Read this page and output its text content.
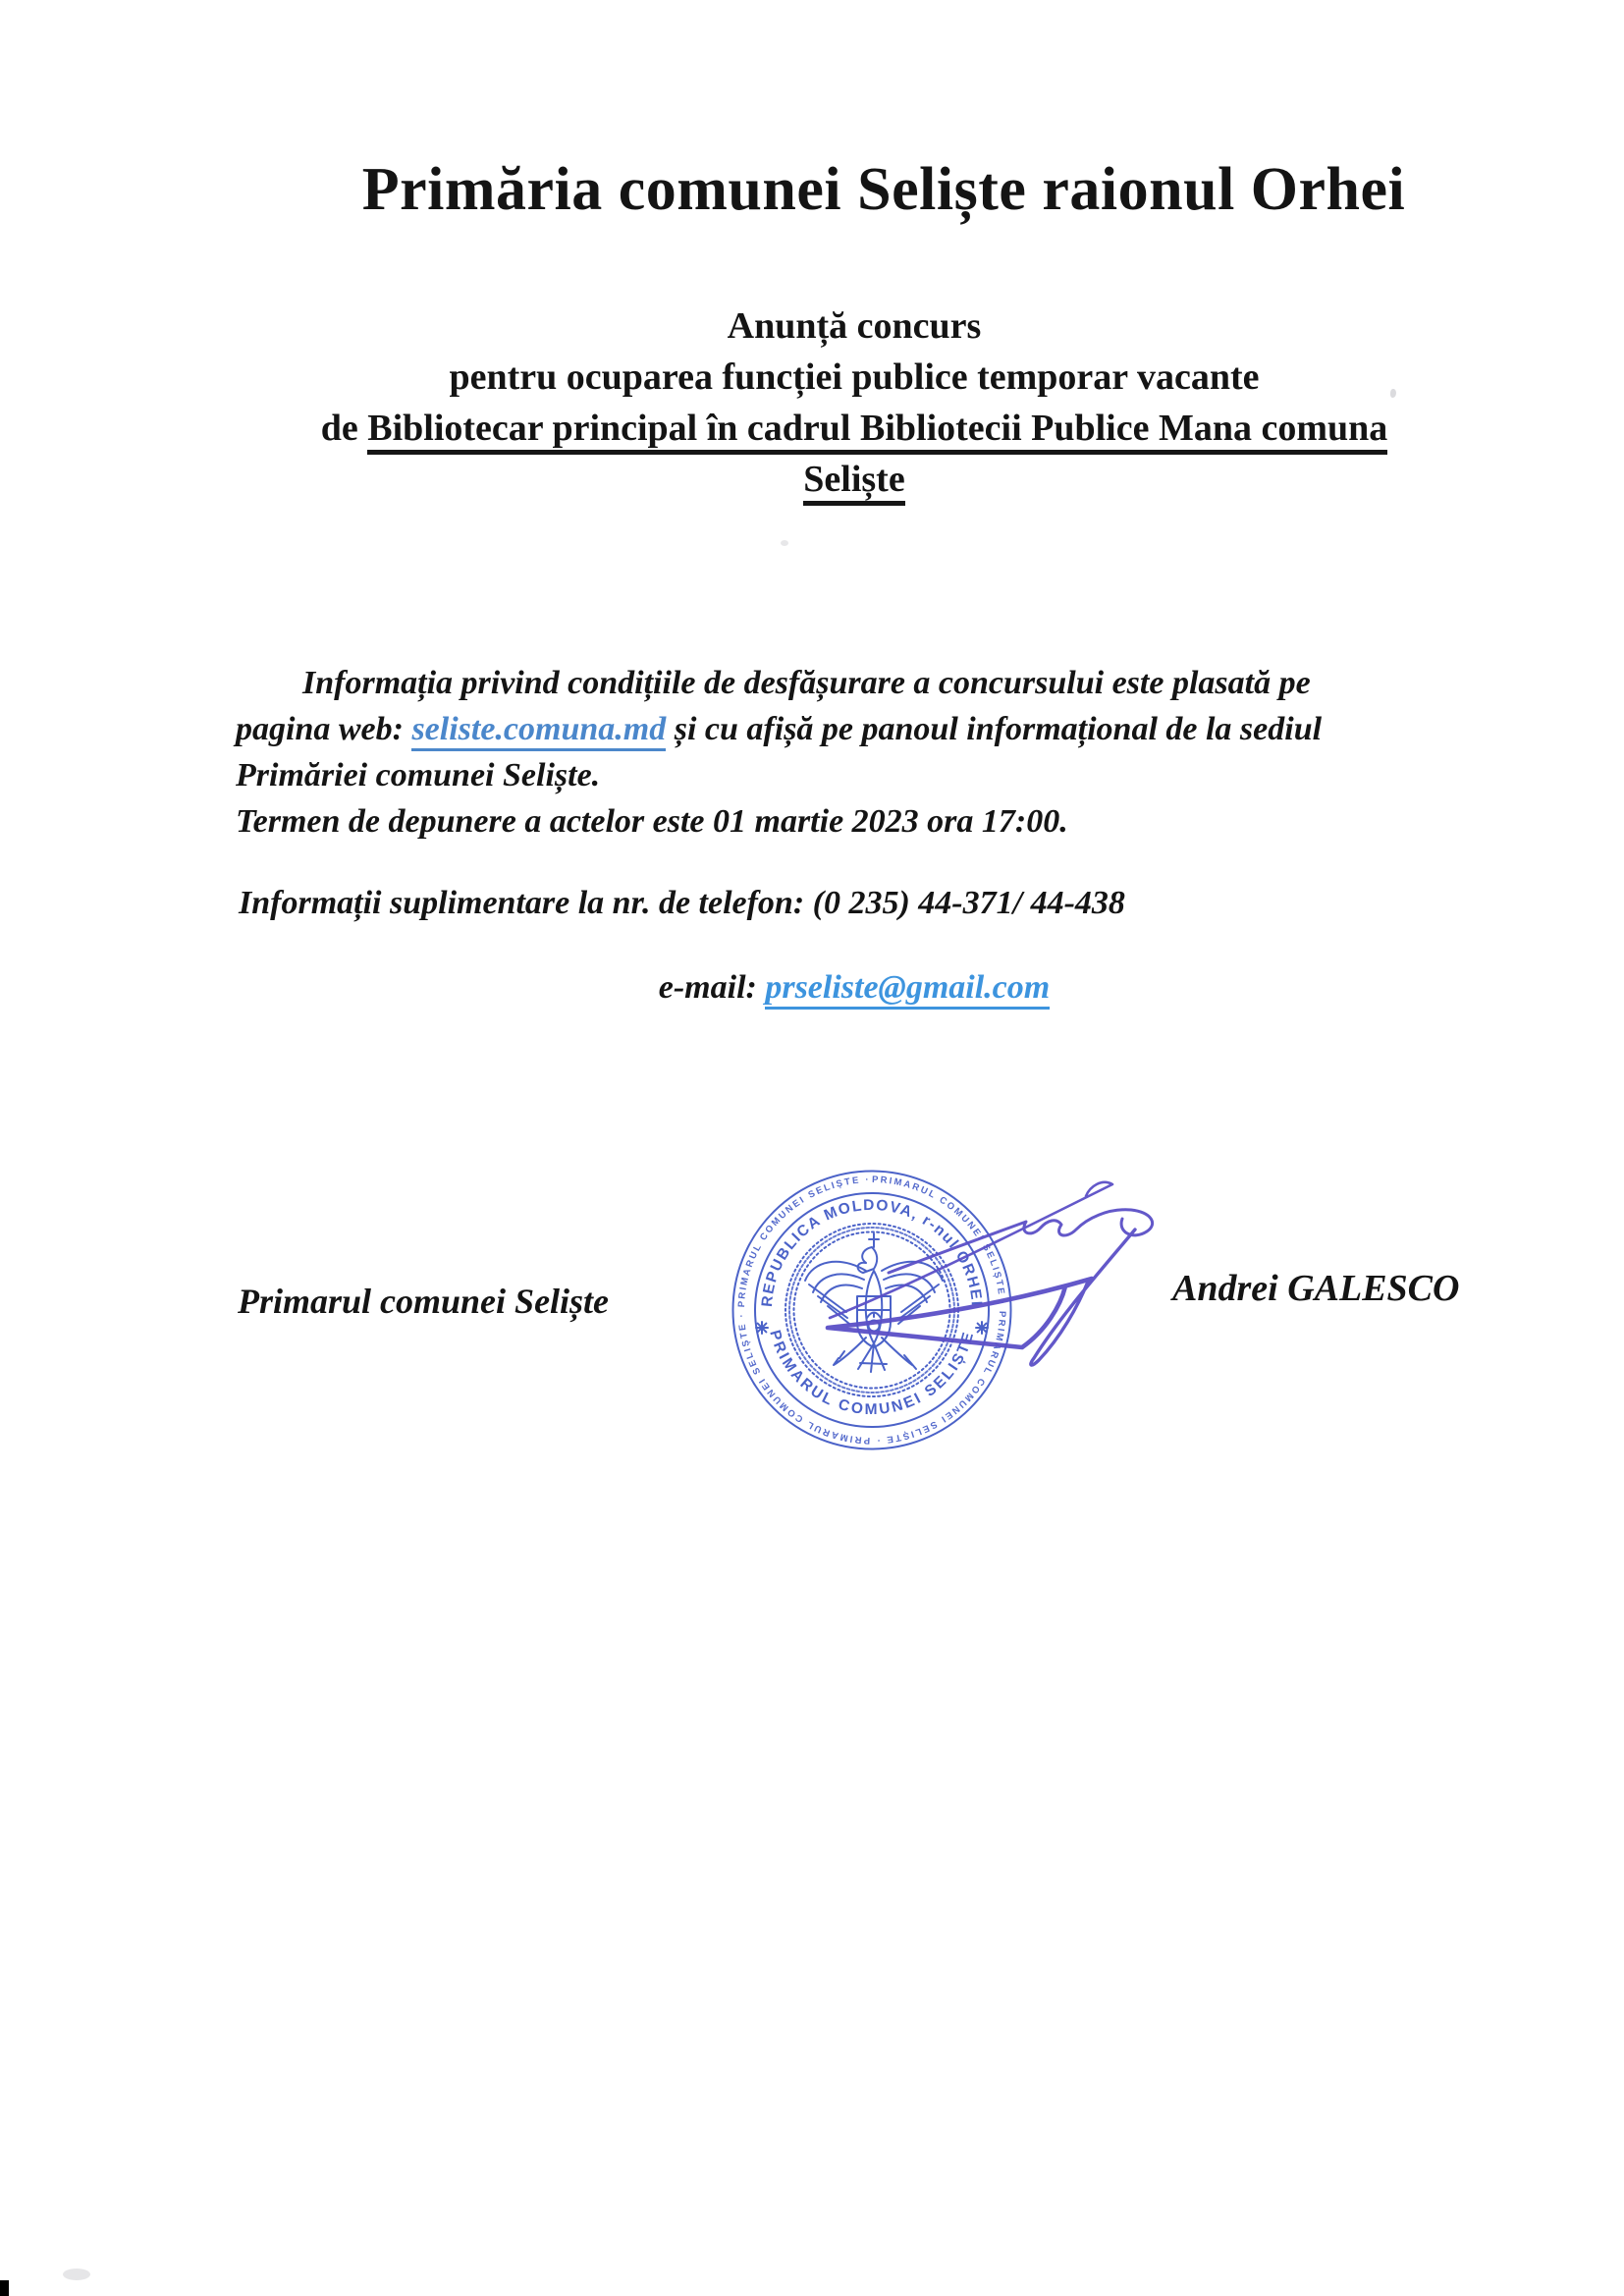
Primăria comunei Seliște raionul Orhei
Anunță concurs
pentru ocuparea funcției publice temporar vacante
de Bibliotecar principal în cadrul Bibliotecii Publice Mana comuna
Seliște
Informația privind condițiile de desfășurare a concursului este plasată pe
pagina web: seliste.comuna.md și cu afișă pe panoul informațional de la sediul
Primăriei comunei Seliște.
Termen de depunere a actelor este 01 martie 2023 ora 17:00.
Informații suplimentare la nr. de telefon: (0 235) 44-371/ 44-438
e-mail: prseliste@gmail.com
Primarul comunei Seliște	Andrei GALESCO
PRIMARUL COMUNEI SELIȘTE · PRIMARUL COMUNEI SELIȘTE · PRIMARUL COMUNEI SELIȘTE · PRIMARUL COMUNEI SELIȘTE ·
REPUBLICA MOLDOVA, r-nul ORHEI
PRIMARUL COMUNEI SELIȘTE
